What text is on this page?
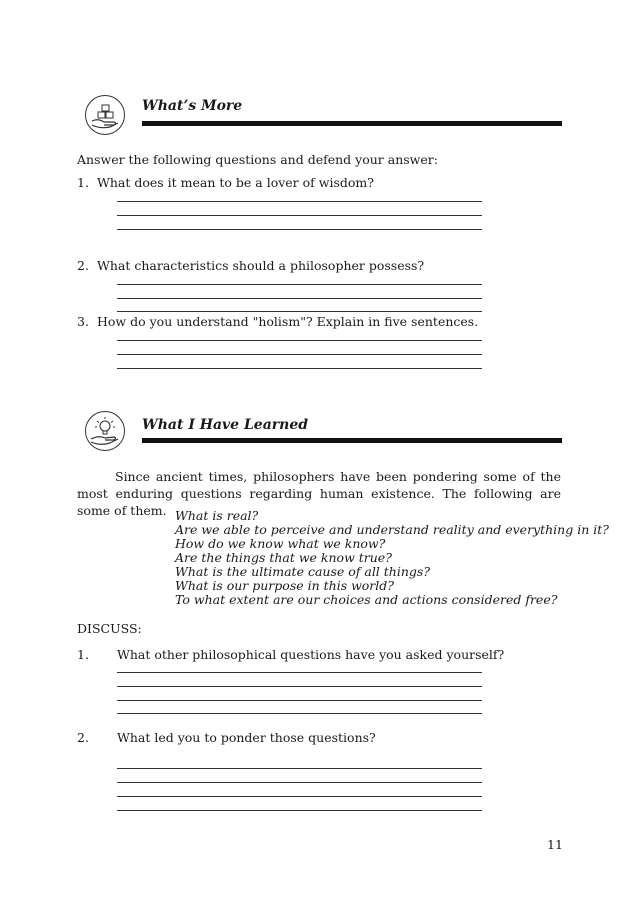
What’s More
Answer the following questions and defend your answer:
1. What does it mean to be a lover of wisdom?
2. What characteristics should a philosopher possess?
3. How do you understand "holism"? Explain in five sentences.
What I Have Learned
Since ancient times, philosophers have been pondering some of the most enduring questions regarding human existence. The following are some of them. What is real?
Are we able to perceive and understand reality and everything in it?
How do we know what we know?
Are the things that we know true?
What is the ultimate cause of all things?
What is our purpose in this world?
To what extent are our choices and actions considered free?
DISCUSS:
1. What other philosophical questions have you asked yourself?
2. What led you to ponder those questions?
11
